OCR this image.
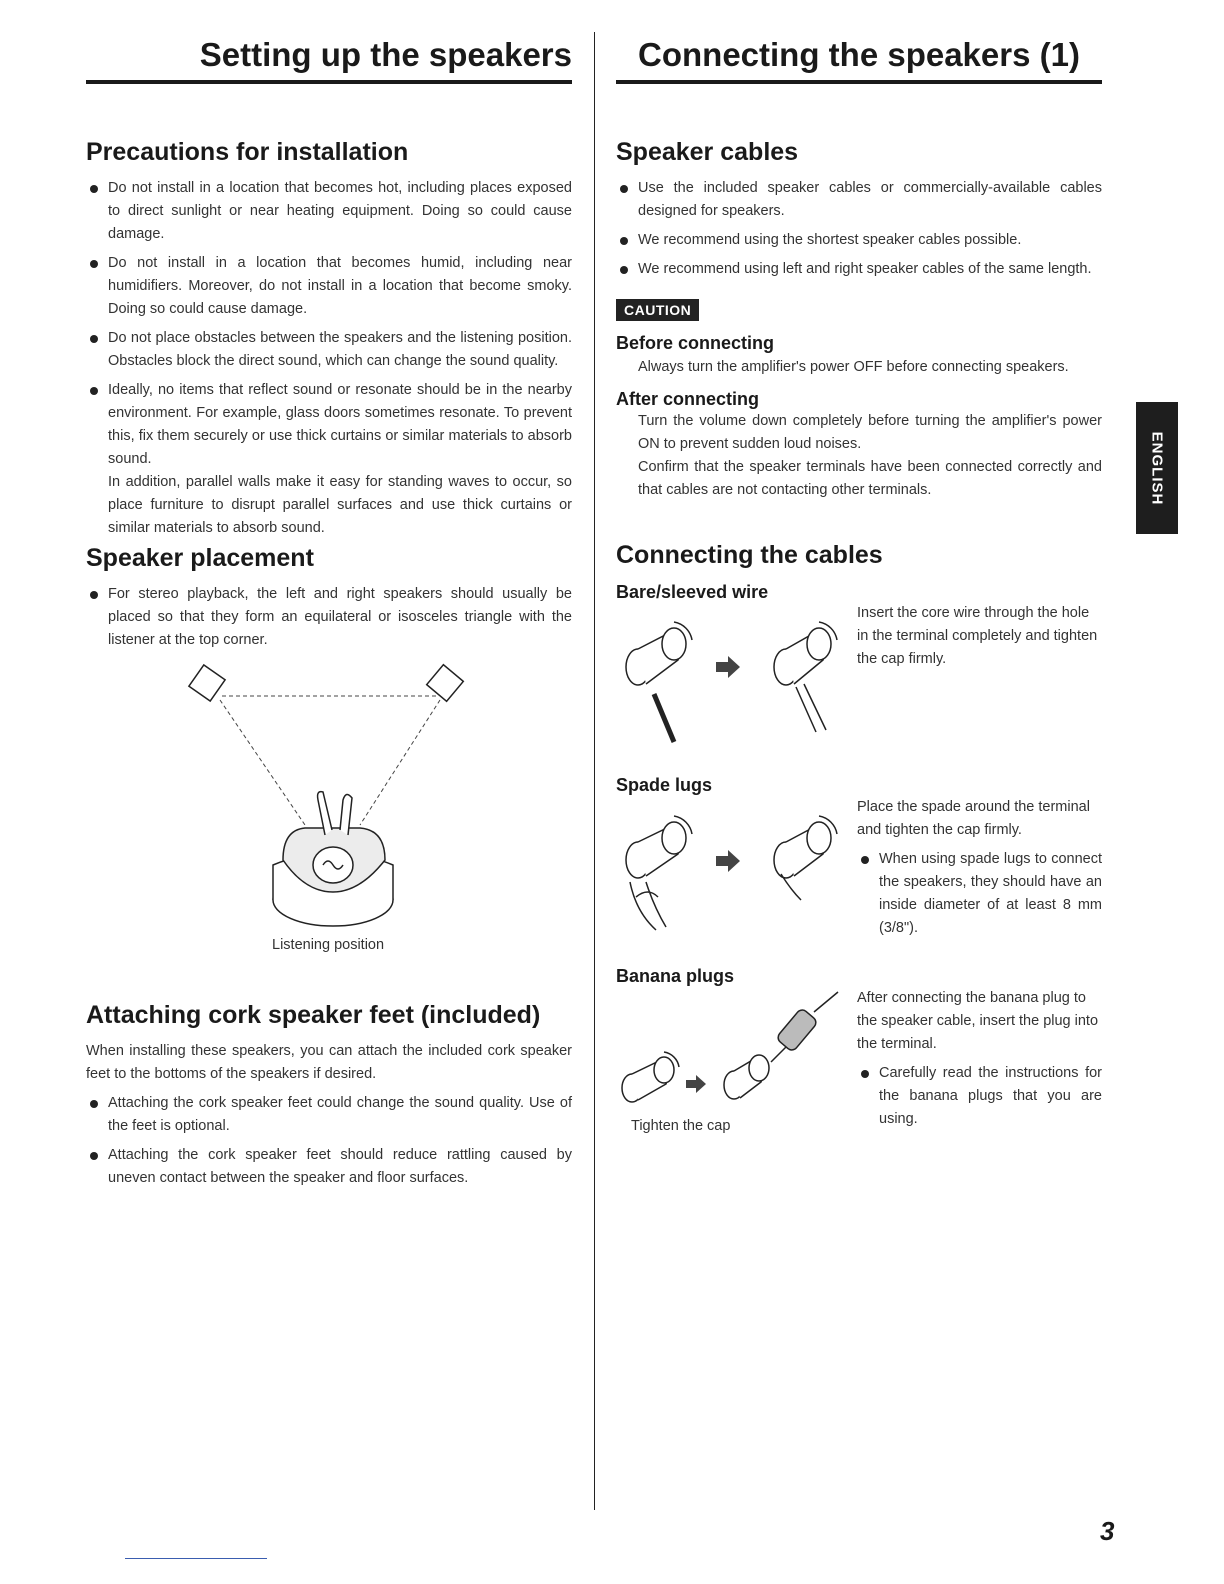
Setting up the speakers	Connecting the speakers (1)
Precautions for installation
Do not install in a location that becomes hot, including places exposed to direct sunlight or near heating equipment. Doing so could cause damage.
Do not install in a location that becomes humid, including near humidifiers. Moreover, do not install in a location that become smoky. Doing so could cause damage.
Do not place obstacles between the speakers and the listening position. Obstacles block the direct sound, which can change the sound quality.
Ideally, no items that reflect sound or resonate should be in the nearby environment. For example, glass doors sometimes resonate. To prevent this, fix them securely or use thick curtains or similar materials to absorb sound.

In addition, parallel walls make it easy for standing waves to occur, so place furniture to disrupt parallel surfaces and use thick curtains or similar materials to absorb sound.

Speaker placement
For stereo playback, the left and right speakers should usually be placed so that they form an equilateral or isosceles triangle with the listener at the top corner.
Listening position
Attaching cork speaker feet (included)

When installing these speakers, you can attach the included cork speaker feet to the bottoms of the speakers if desired.

Attaching the cork speaker feet could change the sound quality. Use of the feet is optional.
Attaching the cork speaker feet should reduce rattling caused by uneven contact between the speaker and floor surfaces.
Speaker cables
Use the included speaker cables or commercially-available cables designed for speakers.
We recommend using the shortest speaker cables possible.
We recommend using left and right speaker cables of the same length.
CAUTION
Before connecting

Always turn the amplifier's power OFF before connecting speakers.

After connecting

Turn the volume down completely before turning the amplifier's power ON to prevent sudden loud noises.

Confirm that the speaker terminals have been connected correctly and that cables are not contacting other terminals.

Connecting the cables
Bare/sleeved wire

Insert the core wire through the hole in the terminal completely and tighten the cap firmly.

Spade lugs

Place the spade around the terminal and tighten the cap firmly.

When using spade lugs to connect the speakers, they should have an inside diameter of at least 8 mm (3/8").
Banana plugs

After connecting the banana plug to the speaker cable, insert the plug into the terminal.

Carefully read the instructions for the banana plugs that you are using.
Tighten the cap
ENGLISH
3
